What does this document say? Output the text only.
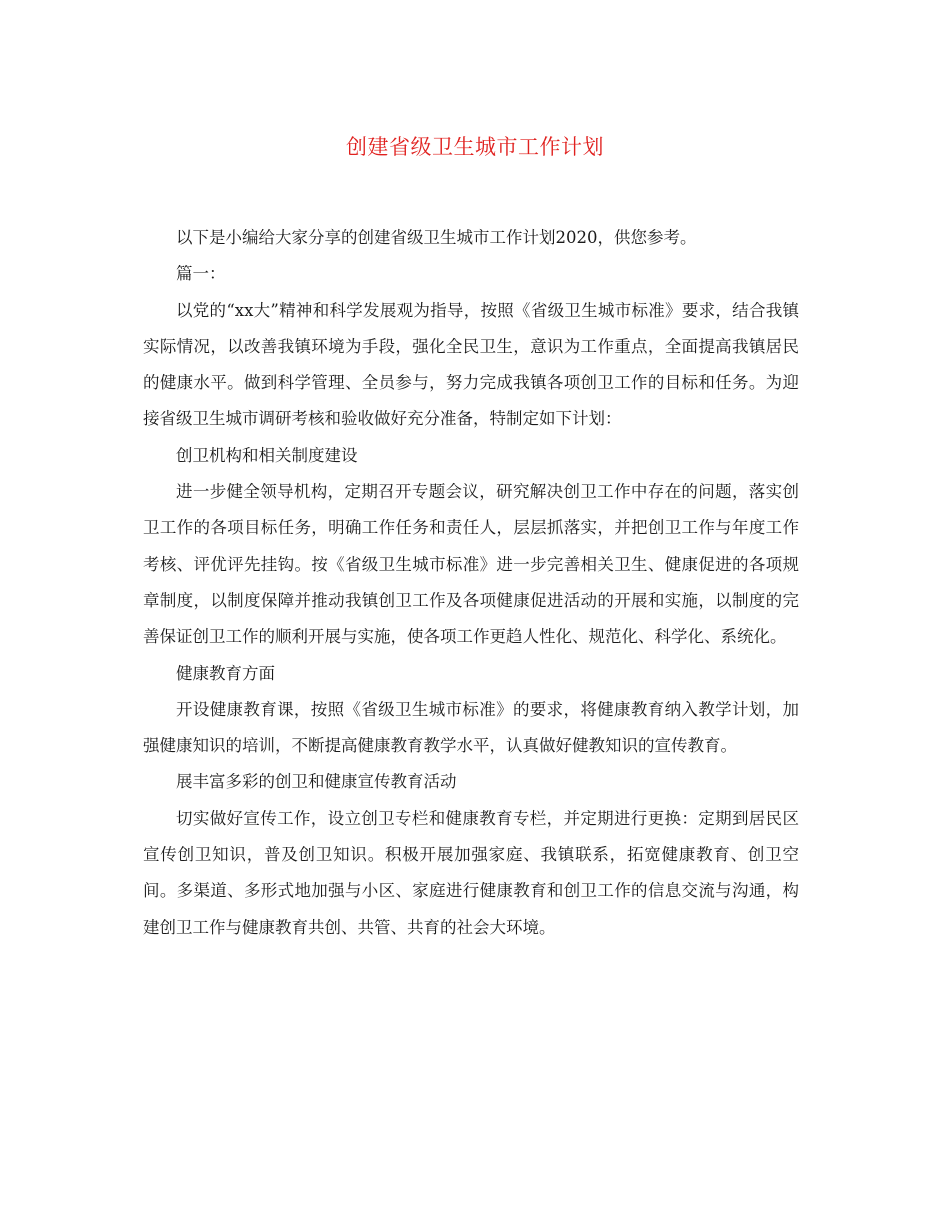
创建省级卫生城市工作计划

以下是小编给大家分享的创建省级卫生城市工作计划2020，供您参考。

篇一：

以党的“xx大”精神和科学发展观为指导，按照《省级卫生城市标准》要求，结合我镇实际情况，以改善我镇环境为手段，强化全民卫生，意识为工作重点，全面提高我镇居民的健康水平。做到科学管理、全员参与，努力完成我镇各项创卫工作的目标和任务。为迎接省级卫生城市调研考核和验收做好充分准备，特制定如下计划：

创卫机构和相关制度建设

进一步健全领导机构，定期召开专题会议，研究解决创卫工作中存在的问题，落实创卫工作的各项目标任务，明确工作任务和责任人，层层抓落实，并把创卫工作与年度工作考核、评优评先挂钩。按《省级卫生城市标准》进一步完善相关卫生、健康促进的各项规章制度，以制度保障并推动我镇创卫工作及各项健康促进活动的开展和实施，以制度的完善保证创卫工作的顺利开展与实施，使各项工作更趋人性化、规范化、科学化、系统化。

健康教育方面

开设健康教育课，按照《省级卫生城市标准》的要求，将健康教育纳入教学计划，加强健康知识的培训，不断提高健康教育教学水平，认真做好健教知识的宣传教育。

展丰富多彩的创卫和健康宣传教育活动

切实做好宣传工作，设立创卫专栏和健康教育专栏，并定期进行更换：定期到居民区宣传创卫知识，普及创卫知识。积极开展加强家庭、我镇联系，拓宽健康教育、创卫空间。多渠道、多形式地加强与小区、家庭进行健康教育和创卫工作的信息交流与沟通，构建创卫工作与健康教育共创、共管、共育的社会大环境。
